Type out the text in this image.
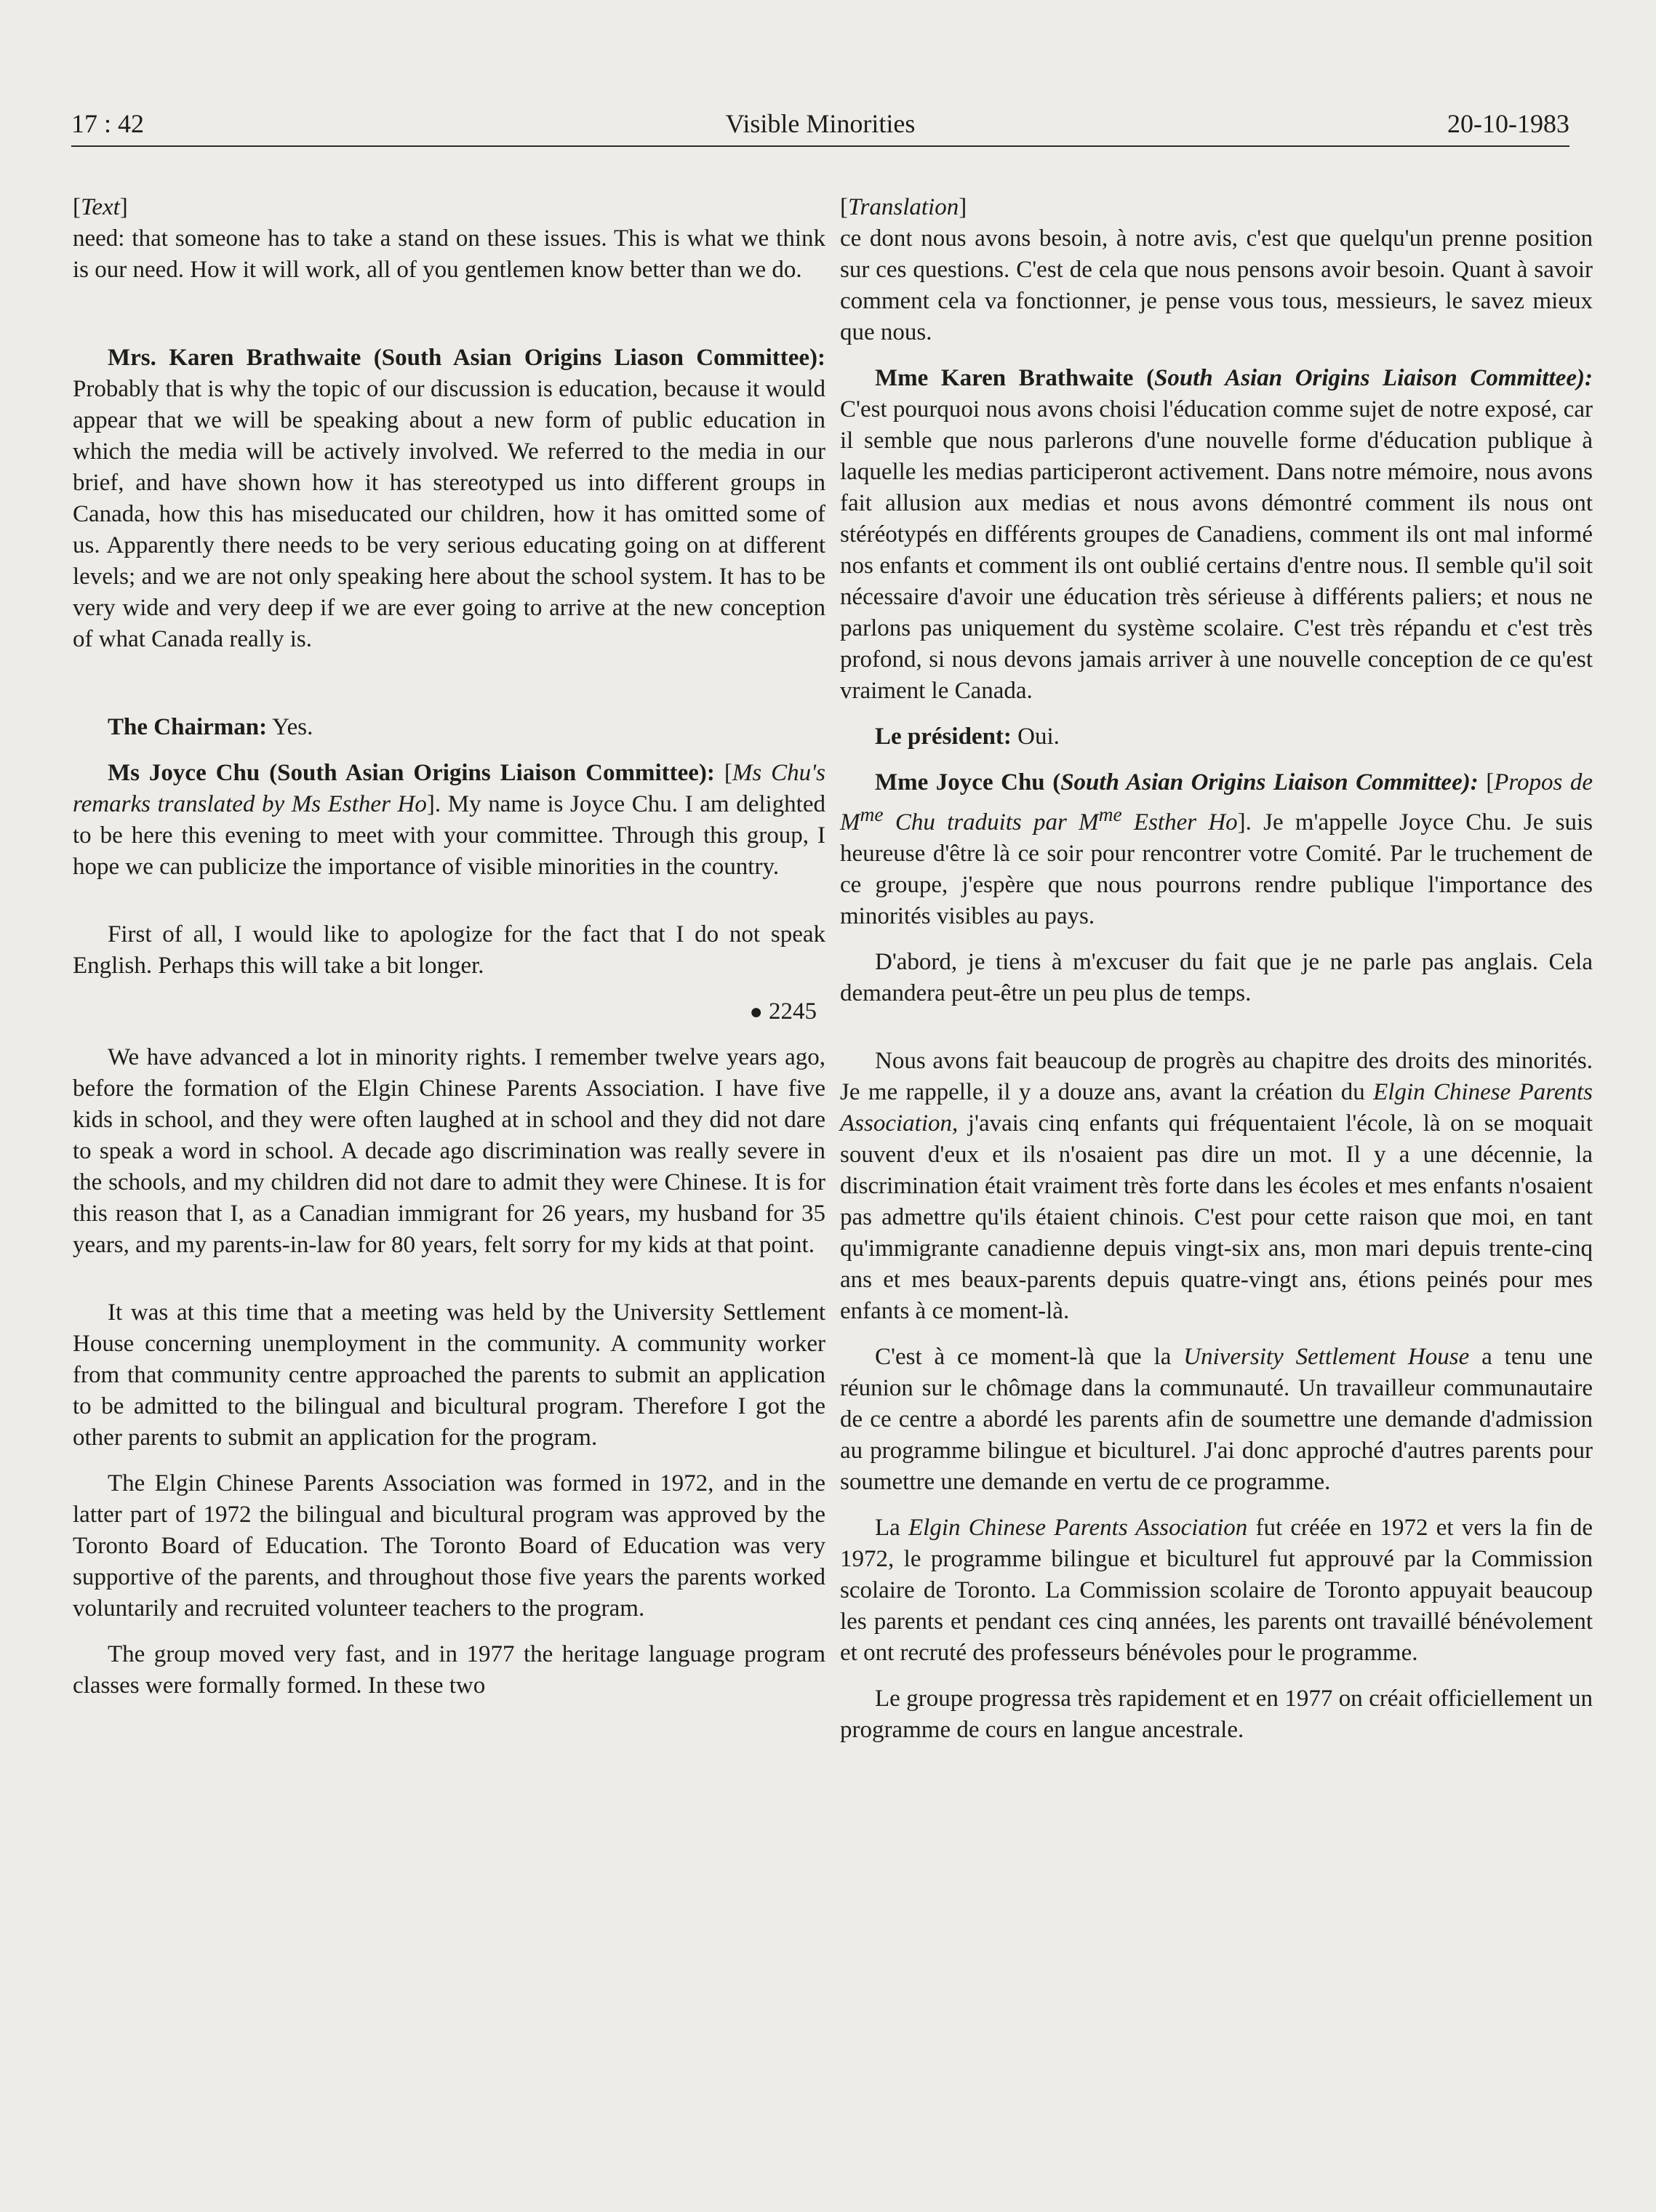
17 : 42	Visible Minorities	20-10-1983
[Text]

need: that someone has to take a stand on these issues. This is what we think is our need. How it will work, all of you gentlemen know better than we do.

Mrs. Karen Brathwaite (South Asian Origins Liason Committee): Probably that is why the topic of our discussion is education, because it would appear that we will be speaking about a new form of public education in which the media will be actively involved. We referred to the media in our brief, and have shown how it has stereotyped us into different groups in Canada, how this has miseducated our children, how it has omitted some of us. Apparently there needs to be very serious educating going on at different levels; and we are not only speaking here about the school system. It has to be very wide and very deep if we are ever going to arrive at the new conception of what Canada really is.

The Chairman: Yes.

Ms Joyce Chu (South Asian Origins Liaison Committee): [Ms Chu's remarks translated by Ms Esther Ho]. My name is Joyce Chu. I am delighted to be here this evening to meet with your committee. Through this group, I hope we can publicize the importance of visible minorities in the country.

First of all, I would like to apologize for the fact that I do not speak English. Perhaps this will take a bit longer.

● 2245

We have advanced a lot in minority rights. I remember twelve years ago, before the formation of the Elgin Chinese Parents Association. I have five kids in school, and they were often laughed at in school and they did not dare to speak a word in school. A decade ago discrimination was really severe in the schools, and my children did not dare to admit they were Chinese. It is for this reason that I, as a Canadian immigrant for 26 years, my husband for 35 years, and my parents-in-law for 80 years, felt sorry for my kids at that point.

It was at this time that a meeting was held by the University Settlement House concerning unemployment in the community. A community worker from that community centre approached the parents to submit an application to be admitted to the bilingual and bicultural program. Therefore I got the other parents to submit an application for the program.

The Elgin Chinese Parents Association was formed in 1972, and in the latter part of 1972 the bilingual and bicultural program was approved by the Toronto Board of Education. The Toronto Board of Education was very supportive of the parents, and throughout those five years the parents worked voluntarily and recruited volunteer teachers to the program.

The group moved very fast, and in 1977 the heritage language program classes were formally formed. In these two

[Translation]

ce dont nous avons besoin, à notre avis, c'est que quelqu'un prenne position sur ces questions. C'est de cela que nous pensons avoir besoin. Quant à savoir comment cela va fonctionner, je pense vous tous, messieurs, le savez mieux que nous.

Mme Karen Brathwaite (South Asian Origins Liaison Committee): C'est pourquoi nous avons choisi l'éducation comme sujet de notre exposé, car il semble que nous parlerons d'une nouvelle forme d'éducation publique à laquelle les medias participeront activement. Dans notre mémoire, nous avons fait allusion aux medias et nous avons démontré comment ils nous ont stéréotypés en différents groupes de Canadiens, comment ils ont mal informé nos enfants et comment ils ont oublié certains d'entre nous. Il semble qu'il soit nécessaire d'avoir une éducation très sérieuse à différents paliers; et nous ne parlons pas uniquement du système scolaire. C'est très répandu et c'est très profond, si nous devons jamais arriver à une nouvelle conception de ce qu'est vraiment le Canada.

Le président: Oui.

Mme Joyce Chu (South Asian Origins Liaison Committee): [Propos de $M^{me}$ Chu traduits par $M^{me}$ Esther Ho]. Je m'appelle Joyce Chu. Je suis heureuse d'être là ce soir pour rencontrer votre Comité. Par le truchement de ce groupe, j'espère que nous pourrons rendre publique l'importance des minorités visibles au pays.

D'abord, je tiens à m'excuser du fait que je ne parle pas anglais. Cela demandera peut-être un peu plus de temps.

Nous avons fait beaucoup de progrès au chapitre des droits des minorités. Je me rappelle, il y a douze ans, avant la création du Elgin Chinese Parents Association, j'avais cinq enfants qui fréquentaient l'école, là on se moquait souvent d'eux et ils n'osaient pas dire un mot. Il y a une décennie, la discrimination était vraiment très forte dans les écoles et mes enfants n'osaient pas admettre qu'ils étaient chinois. C'est pour cette raison que moi, en tant qu'immigrante canadienne depuis vingt-six ans, mon mari depuis trente-cinq ans et mes beaux-parents depuis quatre-vingt ans, étions peinés pour mes enfants à ce moment-là.

C'est à ce moment-là que la University Settlement House a tenu une réunion sur le chômage dans la communauté. Un travailleur communautaire de ce centre a abordé les parents afin de soumettre une demande d'admission au programme bilingue et biculturel. J'ai donc approché d'autres parents pour soumettre une demande en vertu de ce programme.

La Elgin Chinese Parents Association fut créée en 1972 et vers la fin de 1972, le programme bilingue et biculturel fut approuvé par la Commission scolaire de Toronto. La Commission scolaire de Toronto appuyait beaucoup les parents et pendant ces cinq années, les parents ont travaillé bénévolement et ont recruté des professeurs bénévoles pour le programme.

Le groupe progressa très rapidement et en 1977 on créait officiellement un programme de cours en langue ancestrale.
